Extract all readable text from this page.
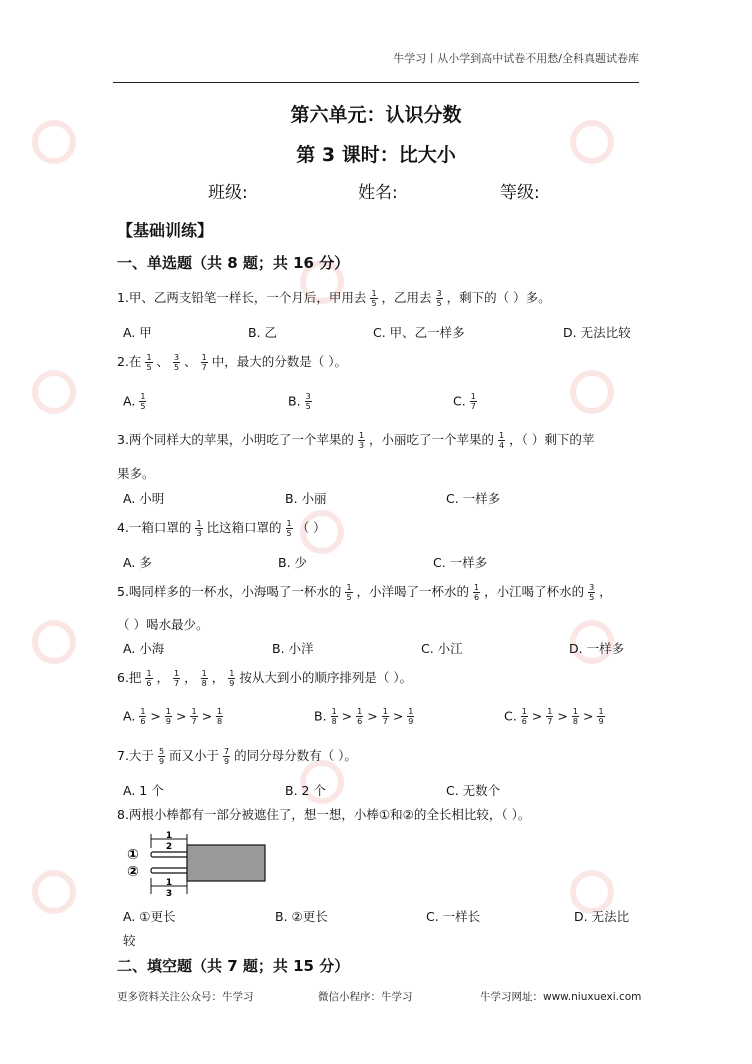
牛学习丨从小学到高中试卷不用愁/全科真题试卷库
第六单元：认识分数
第 3 课时：比大小
班级:	姓名:	等级:
【基础训练】
一、单选题（共 8 题；共 16 分）
1.甲、乙两支铅笔一样长，一个月后，甲用去 $\frac{1}{5}$ ，乙用去 $\frac{3}{5}$ ，剩下的（ ）多。
A. 甲	B. 乙	C. 甲、乙一样多	D. 无法比较
2.在 $\frac{1}{5}$ 、 $\frac{3}{5}$ 、 $\frac{1}{7}$ 中，最大的分数是（ ）。
A. $\frac{1}{5}$	B. $\frac{3}{5}$	C. $\frac{1}{7}$
3.两个同样大的苹果，小明吃了一个苹果的 $\frac{1}{3}$ ，小丽吃了一个苹果的 $\frac{1}{4}$ ，（ ）剩下的苹
果多。
A. 小明	B. 小丽	C. 一样多
4.一箱口罩的 $\frac{1}{3}$ 比这箱口罩的 $\frac{1}{5}$ （ ）
A. 多	B. 少	C. 一样多
5.喝同样多的一杯水，小海喝了一杯水的 $\frac{1}{5}$ ，小洋喝了一杯水的 $\frac{1}{6}$ ，小江喝了杯水的 $\frac{3}{5}$ ，
（ ）喝水最少。
A. 小海	B. 小洋	C. 小江	D. 一样多
6.把 $\frac{1}{6}$ ， $\frac{1}{7}$ ， $\frac{1}{8}$ ， $\frac{1}{9}$ 按从大到小的顺序排列是（ ）。
A. $\frac{1}{6} > \frac{1}{9} > \frac{1}{7} > \frac{1}{8}$	B. $\frac{1}{8} > \frac{1}{6} > \frac{1}{7} > \frac{1}{9}$	C. $\frac{1}{6} > \frac{1}{7} > \frac{1}{8} > \frac{1}{9}$
7.大于 $\frac{5}{9}$ 而又小于 $\frac{7}{9}$ 的同分母分数有（ ）。
A. 1 个	B. 2 个	C. 无数个
8.两根小棒都有一部分被遮住了，想一想，小棒①和②的全长相比较，（ ）。
①
②
1
2
1
3
A. ①更长	B. ②更长	C. 一样长	D. 无法比
较
二、填空题（共 7 题；共 15 分）
更多资料关注公众号：牛学习	微信小程序：牛学习	牛学习网址：www.niuxuexi.com
